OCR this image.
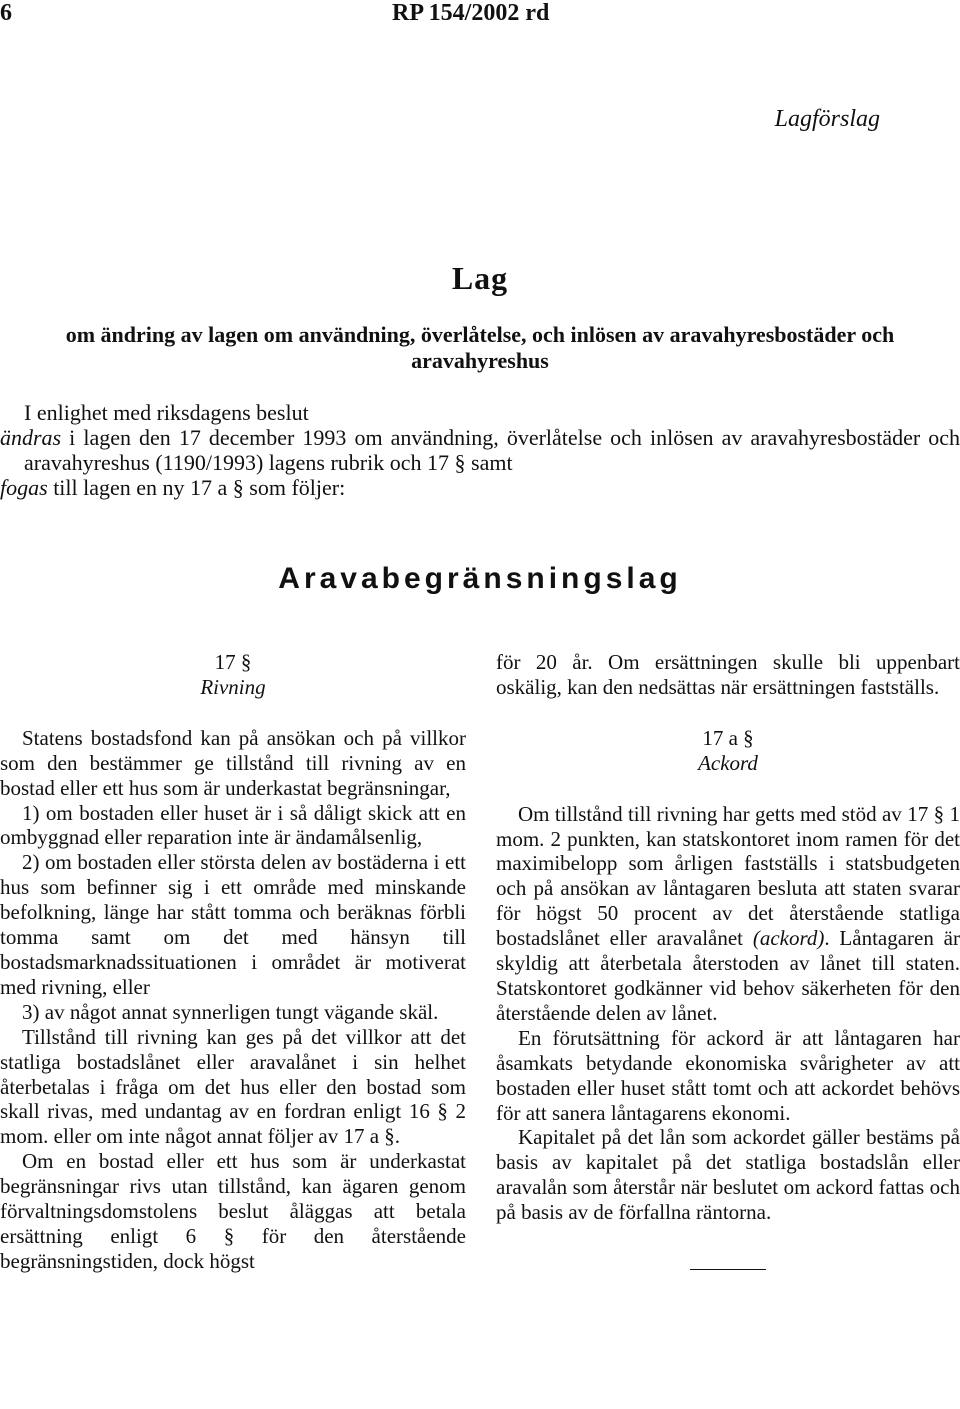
6	RP 154/2002 rd
Lagförslag
Lag
om ändring av lagen om användning, överlåtelse, och inlösen av aravahyresbostäder och
aravahyreshus

I enlighet med riksdagens beslut

ändras i lagen den 17 december 1993 om användning, överlåtelse och inlösen av aravahyresbostäder och aravahyreshus (1190/1993) lagens rubrik och 17 § samt

fogas till lagen en ny 17 a § som följer:

Aravabegränsningslag

17 §

Rivning

Statens bostadsfond kan på ansökan och på villkor som den bestämmer ge tillstånd till rivning av en bostad eller ett hus som är underkastat begränsningar,

1) om bostaden eller huset är i så dåligt skick att en ombyggnad eller reparation inte är ändamålsenlig,

2) om bostaden eller största delen av bostäderna i ett hus som befinner sig i ett område med minskande befolkning, länge har stått tomma och beräknas förbli tomma samt om det med hänsyn till bostadsmarknadssituationen i området är motiverat med rivning, eller

3) av något annat synnerligen tungt vägande skäl.

Tillstånd till rivning kan ges på det villkor att det statliga bostadslånet eller aravalånet i sin helhet återbetalas i fråga om det hus eller den bostad som skall rivas, med undantag av en fordran enligt 16 § 2 mom. eller om inte något annat följer av 17 a §.

Om en bostad eller ett hus som är underkastat begränsningar rivs utan tillstånd, kan ägaren genom förvaltningsdomstolens beslut åläggas att betala ersättning enligt 6 § för den återstående begränsningstiden, dock högst

för 20 år. Om ersättningen skulle bli uppenbart oskälig, kan den nedsättas när ersättningen fastställs.

17 a §

Ackord

Om tillstånd till rivning har getts med stöd av 17 § 1 mom. 2 punkten, kan statskontoret inom ramen för det maximibelopp som årligen fastställs i statsbudgeten och på ansökan av låntagaren besluta att staten svarar för högst 50 procent av det återstående statliga bostadslånet eller aravalånet (ackord). Låntagaren är skyldig att återbetala återstoden av lånet till staten. Statskontoret godkänner vid behov säkerheten för den återstående delen av lånet.

En förutsättning för ackord är att låntagaren har åsamkats betydande ekonomiska svårigheter av att bostaden eller huset stått tomt och att ackordet behövs för att sanera låntagarens ekonomi.

Kapitalet på det lån som ackordet gäller bestäms på basis av kapitalet på det statliga bostadslån eller aravalån som återstår när beslutet om ackord fattas och på basis av de förfallna räntorna.
